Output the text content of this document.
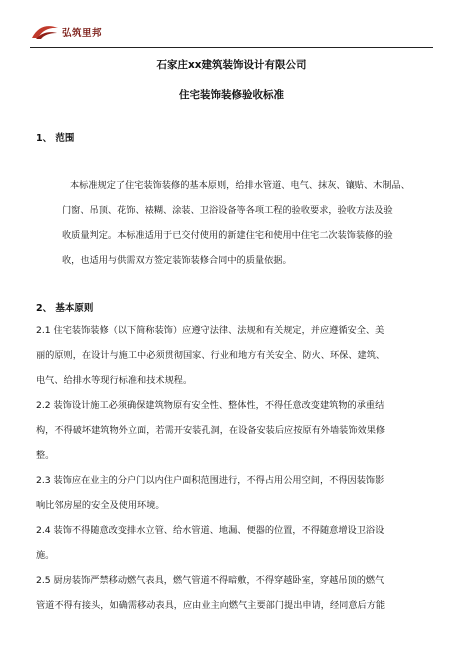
弘筑里邦
石家庄xx建筑装饰设计有限公司
住宅装饰装修验收标准
1、 范围
本标准规定了住宅装饰装修的基本原则，给排水管道、电气、抹灰、镶贴、木制品、
门窗、吊顶、花饰、裱糊、涂装、卫浴设备等各项工程的验收要求，验收方法及验
收质量判定。本标准适用于已交付使用的新建住宅和使用中住宅二次装饰装修的验
收，也适用与供需双方签定装饰装修合同中的质量依据。
2、 基本原则
2.1 住宅装饰装修（以下简称装饰）应遵守法律、法规和有关规定，并应遵循安全、美
丽的原则，在设计与施工中必须贯彻国家、行业和地方有关安全、防火、环保、建筑、
电气、给排水等现行标准和技术规程。
2.2 装饰设计施工必须确保建筑物原有安全性、整体性，不得任意改变建筑物的承重结
构，不得破坏建筑物外立面，若需开安装孔洞，在设备安装后应按原有外墙装饰效果修
整。
2.3 装饰应在业主的分户门以内住户面积范围进行，不得占用公用空间，不得因装饰影
响比邻房屋的安全及使用环境。
2.4 装饰不得随意改变排水立管、给水管道、地漏、便器的位置，不得随意增设卫浴设
施。
2.5 厨房装饰严禁移动燃气表具，燃气管道不得暗敷，不得穿越卧室，穿越吊顶的燃气
管道不得有接头，如确需移动表具，应由业主向燃气主要部门提出申请，经同意后方能
